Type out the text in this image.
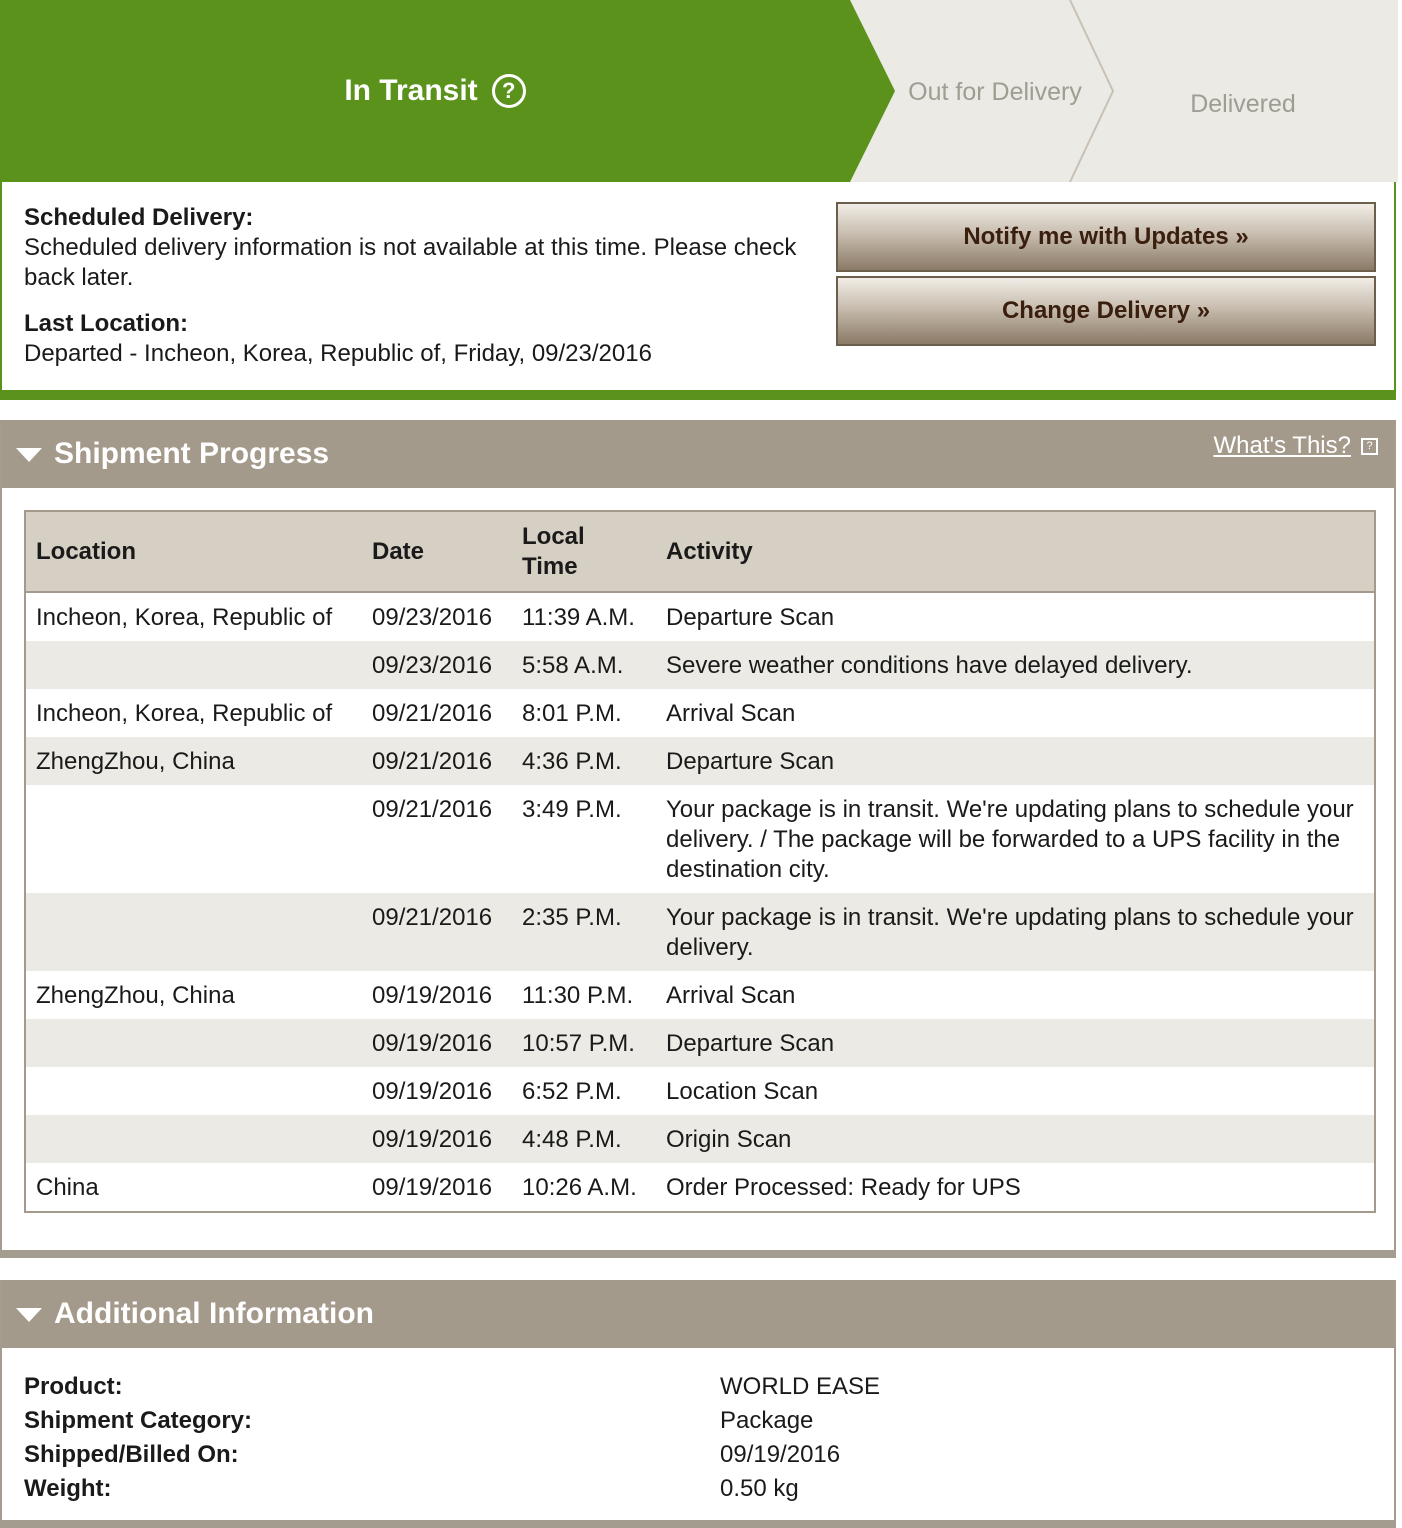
In Transit	?	Out for Delivery	Delivered
Scheduled Delivery:
Scheduled delivery information is not available at this time. Please check back later.
Last Location:
Departed - Incheon, Korea, Republic of, Friday, 09/23/2016
Notify me with Updates »
Change Delivery »
Shipment Progress	What's This?	?
Location	Date	Local Time	Activity
Incheon, Korea, Republic of	09/23/2016	11:39 A.M.	Departure Scan
	09/23/2016	5:58 A.M.	Severe weather conditions have delayed delivery.
Incheon, Korea, Republic of	09/21/2016	8:01 P.M.	Arrival Scan
ZhengZhou, China	09/21/2016	4:36 P.M.	Departure Scan
	09/21/2016	3:49 P.M.	Your package is in transit. We're updating plans to schedule your delivery. / The package will be forwarded to a UPS facility in the destination city.
	09/21/2016	2:35 P.M.	Your package is in transit. We're updating plans to schedule your delivery.
ZhengZhou, China	09/19/2016	11:30 P.M.	Arrival Scan
	09/19/2016	10:57 P.M.	Departure Scan
	09/19/2016	6:52 P.M.	Location Scan
	09/19/2016	4:48 P.M.	Origin Scan
China	09/19/2016	10:26 A.M.	Order Processed: Ready for UPS
Additional Information
Product:	WORLD EASE
Shipment Category:	Package
Shipped/Billed On:	09/19/2016
Weight:	0.50 kg
